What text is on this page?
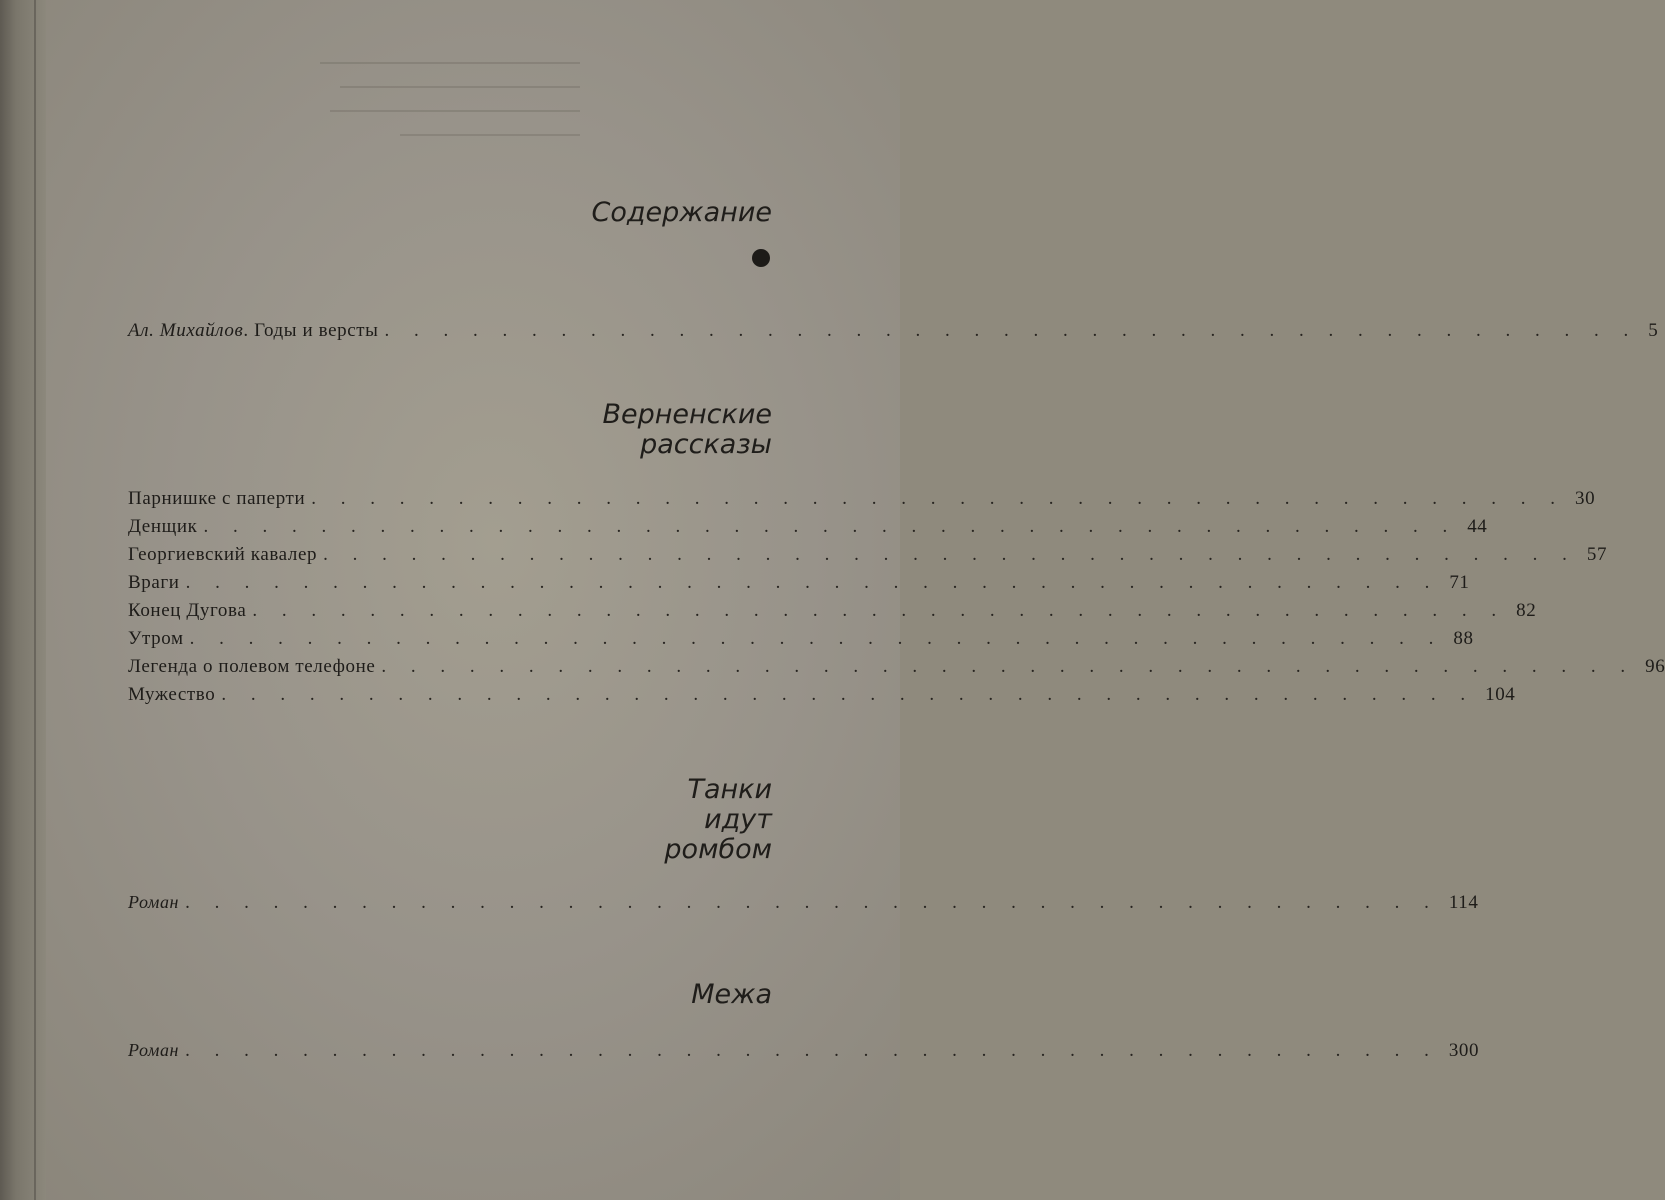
Содержание
Ал. Михайлов. Годы и версты . . . . . . . . . . . . . . . . . . . . . . . . . . . . . . . . . . . . . . . . . . . 5
Верненские
рассказы
Парнишке с паперти . . . . . . . . . . . . . . . . . . . . . . . . . . . . . . . . . . . . . . . . . . . 30
Денщик . . . . . . . . . . . . . . . . . . . . . . . . . . . . . . . . . . . . . . . . . . . 44
Георгиевский кавалер . . . . . . . . . . . . . . . . . . . . . . . . . . . . . . . . . . . . . . . . . . . 57
Враги . . . . . . . . . . . . . . . . . . . . . . . . . . . . . . . . . . . . . . . . . . . 71
Конец Дугова . . . . . . . . . . . . . . . . . . . . . . . . . . . . . . . . . . . . . . . . . . . 82
Утром . . . . . . . . . . . . . . . . . . . . . . . . . . . . . . . . . . . . . . . . . . . 88
Легенда о полевом телефоне . . . . . . . . . . . . . . . . . . . . . . . . . . . . . . . . . . . . . . . . . . . 96
Мужество . . . . . . . . . . . . . . . . . . . . . . . . . . . . . . . . . . . . . . . . . . . 104
Танки
идут
ромбом
Роман . . . . . . . . . . . . . . . . . . . . . . . . . . . . . . . . . . . . . . . . . . . 114
Межа
Роман . . . . . . . . . . . . . . . . . . . . . . . . . . . . . . . . . . . . . . . . . . . 300
